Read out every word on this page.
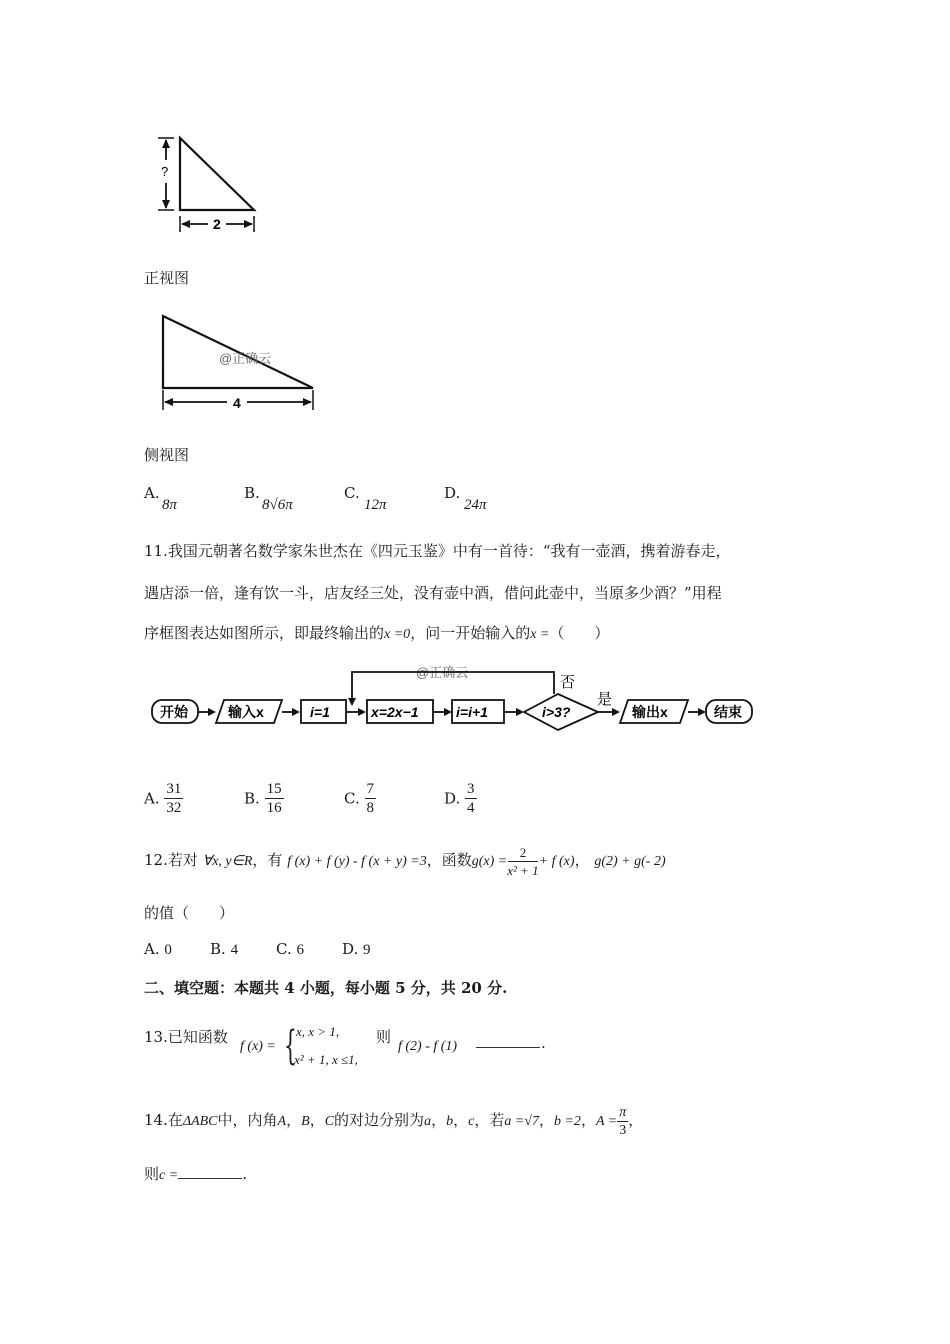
?
2
正视图
@正确云
4
侧视图
A.
8π
B.
8√6π
C.
12π
D.
24π
11.我国元朝著名数学家朱世杰在《四元玉鉴》中有一首待：“我有一壶酒，携着游春走，
遇店添一倍，逢有饮一斗，店友经三处，没有壶中酒，借问此壶中，当原多少酒？”用程
序框图表达如图所示，即最终输出的x =0，问一开始输入的x =（　　）
@正确云
否
开始	输入x	i=1	x=2x−1	i=i+1	i>3?
是
输出x	结束
A. $\frac{31}{32}$	B. $\frac{15}{16}$	C. $\frac{7}{8}$	D. $\frac{3}{4}$
12.若对 ∀x, y∈R，有 f (x) + f (y) - f (x + y) =3，函数$g(x) = \frac{2}{\text{x² + 1}} + f$ (x)， g(2) + g(- 2)
的值（　　）
A. 0	B. 4	C. 6	D. 9
二、填空题：本题共 4 小题，每小题 5 分，共 20 分.
13.已知函数
f (x) = { x, x > 1,
x² + 1, x ≤1,
则
f (2) - f (1)	.
14.在ΔABC中，内角A，B，C的对边分别为a，b，c，若a =√7，b =2，$A = \frac{\pi}{3}$ ，
则c =	.
